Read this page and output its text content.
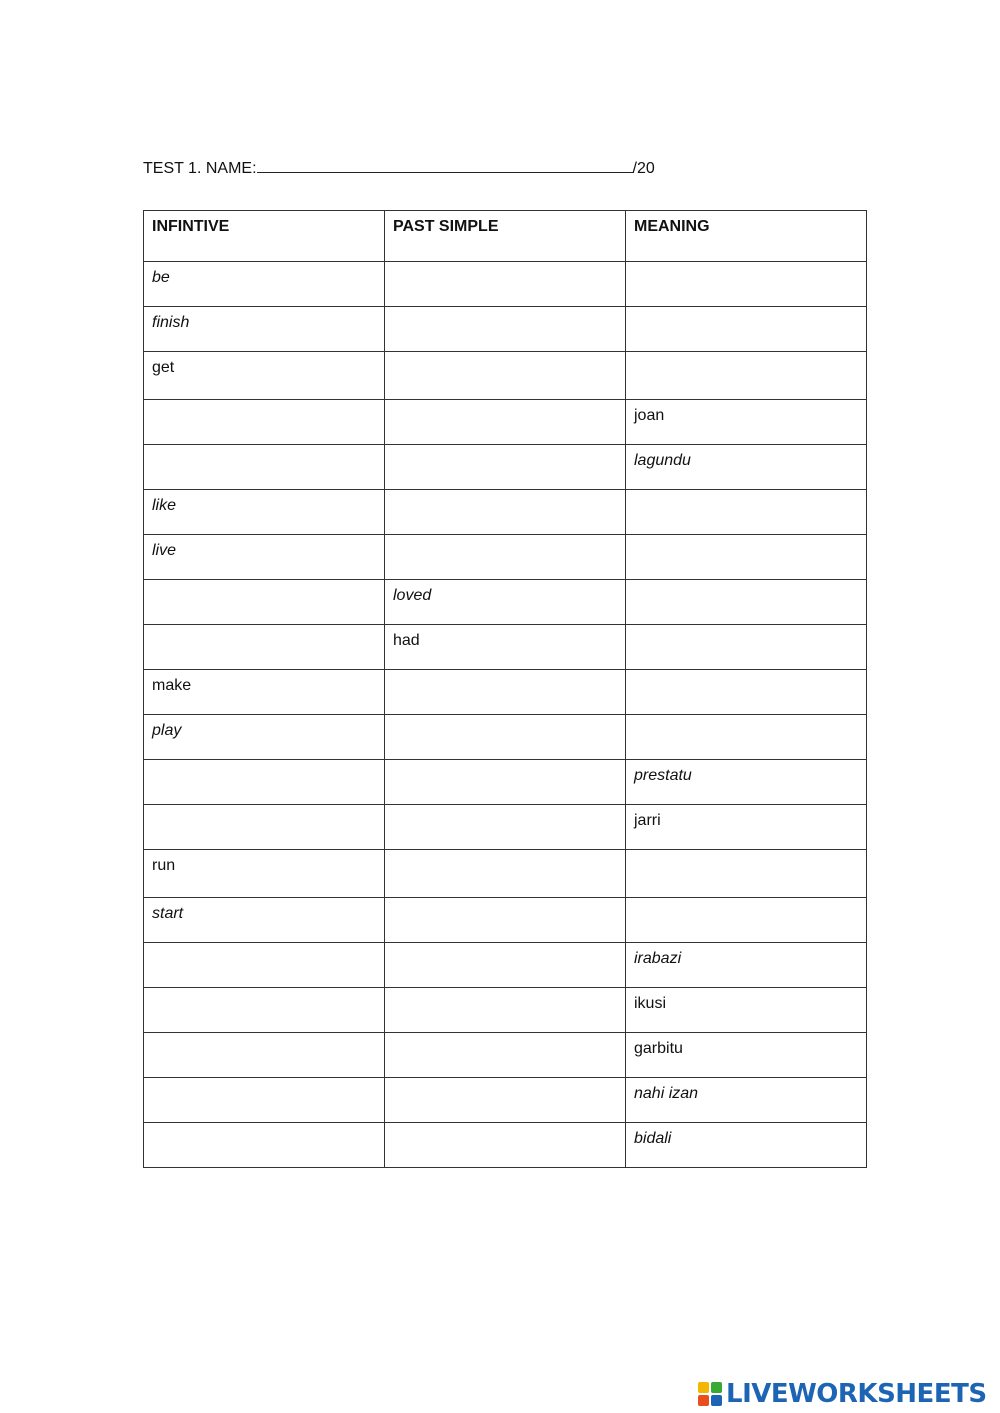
TEST 1. NAME:	/20
INFINTIVE	PAST SIMPLE	MEANING
be		
finish		
get		
		joan
		lagundu
like		
live		
	loved	
	had	
make		
play		
		prestatu
		jarri
run		
start		
		irabazi
		ikusi
		garbitu
		nahi izan
		bidali
LIVEWORKSHEETS
